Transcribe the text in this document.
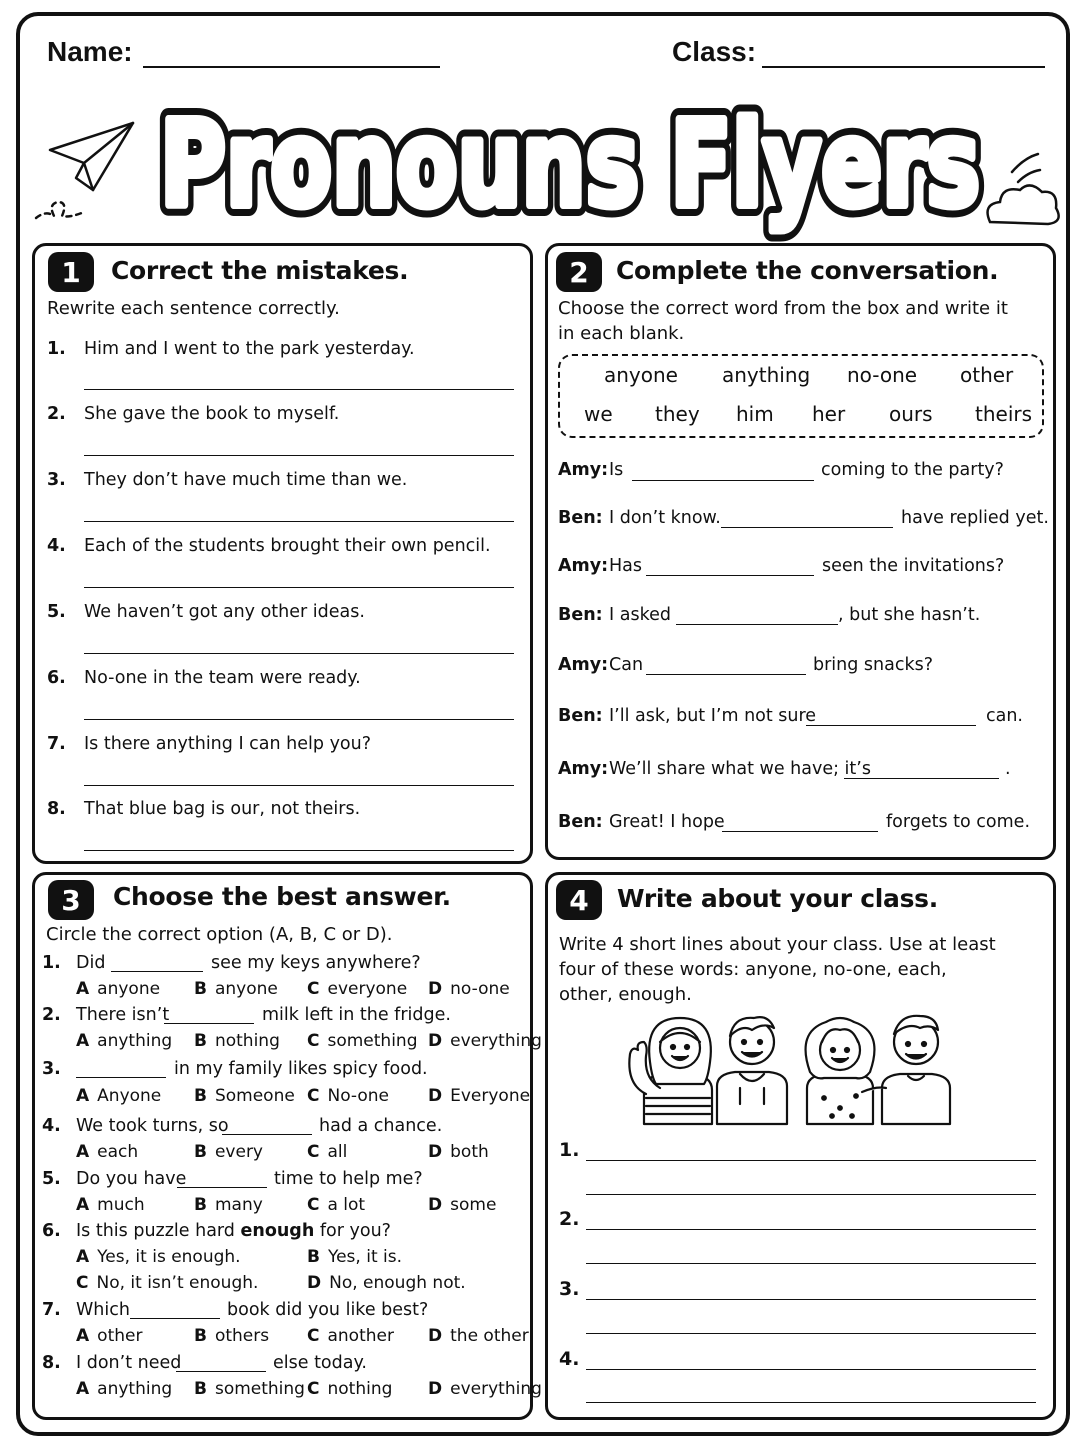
Name:	Class:
Pronouns Flyers
Pronouns Flyers
1	Correct the mistakes.
Rewrite each sentence correctly.
1. Him and I went to the park yesterday.
2. She gave the book to myself.
3. They don’t have much time than we.
4. Each of the students brought their own pencil.
5. We haven’t got any other ideas.
6. No-one in the team were ready.
7. Is there anything I can help you?
8. That blue bag is our, not theirs.
2	Complete the conversation.
Choose the correct word from the box and write it
in each blank.
anyone anything no-one other
we they him her ours theirs
Amy: Is	coming to the party?
Ben: I don’t know.	have replied yet.
Amy: Has	seen the invitations?
Ben: I asked	, but she hasn’t.
Amy: Can	bring snacks?
Ben: I’ll ask, but I’m not sure	can.
Amy: We’ll share what we have; it’s	.
Ben: Great! I hope	forgets to come.
3	Choose the best answer.
Circle the correct option (A, B, C or D).
1. Did	see my keys anywhere?
A anyone B anyone C everyone D no-one
2. There isn’t	milk left in the fridge.
A anything B nothing C something D everything
3.	in my family likes spicy food.
A Anyone B Someone C No-one D Everyone
4. We took turns, so	had a chance.
A each	B every	C all	D both
5. Do you have	time to help me?
A much	B many	C a lot	D some
6. Is this puzzle hard enough for you?
A Yes, it is enough.	B Yes, it is.
C No, it isn’t enough.	D No, enough not.
7. Which	book did you like best?
A other	B others C another D the other
8. I don’t need	else today.
A anything B something C nothing D everything
4	Write about your class.
Write 4 short lines about your class. Use at least
four of these words: anyone, no-one, each,
other, enough.
1.
2.
3.
4.
